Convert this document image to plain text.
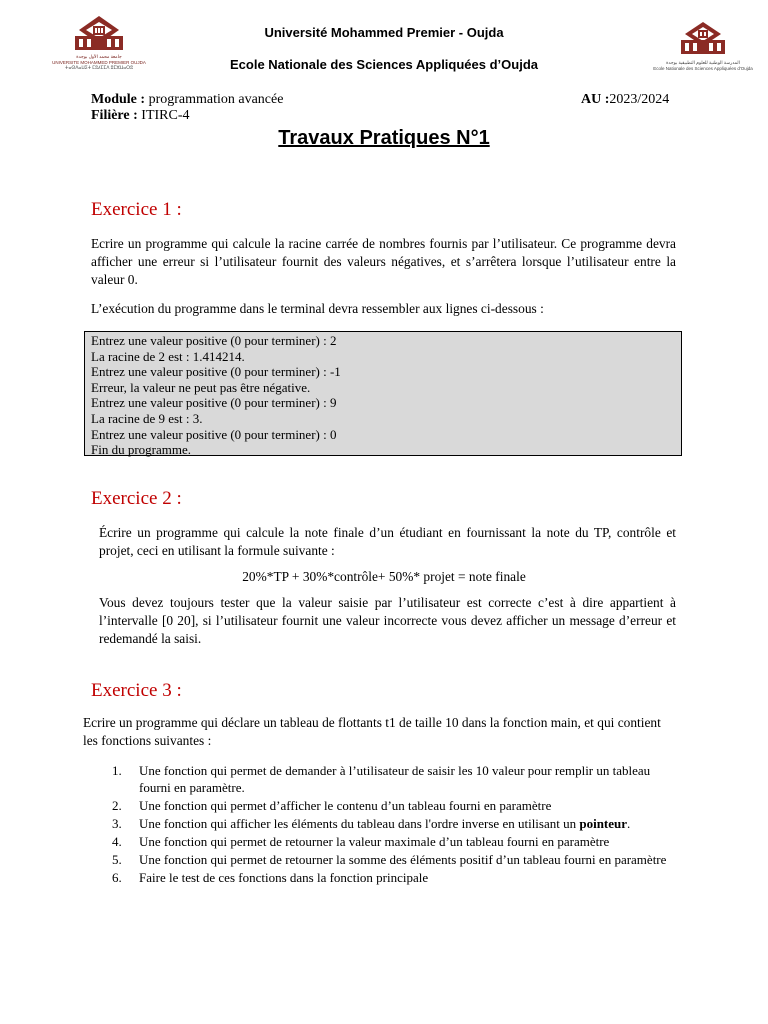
جامعة محمد الأول بوجدة
UNIVERSITE MOHAMMED PREMIER OUJDA
ⵜⴰⵙⴷⴰⵡⵉⵜ ⵎⵓⵃⵎⵎⴷ ⵓⵎⵣⵡⴰⵔⵓ
المدرسة الوطنية للعلوم التطبيقية بوجدة
Ecole Nationale des Sciences Appliquées d'Oujda
Université Mohammed Premier - Oujda
Ecole Nationale des Sciences Appliquées d’Oujda
Module : programmation avancée
Filière : ITIRC-4
AU :2023/2024
Travaux Pratiques N°1
Exercice 1 :
Ecrire un programme qui calcule la racine carrée de nombres fournis par l’utilisateur. Ce programme devra afficher une erreur si l’utilisateur fournit des valeurs négatives, et s’arrêtera lorsque l’utilisateur entre la valeur 0.
L’exécution du programme dans le terminal devra ressembler aux lignes ci-dessous :
Entrez une valeur positive (0 pour terminer) : 2
La racine de 2 est : 1.414214.
Entrez une valeur positive (0 pour terminer) : -1
Erreur, la valeur ne peut pas être négative.
Entrez une valeur positive (0 pour terminer) : 9
La racine de 9 est : 3.
Entrez une valeur positive (0 pour terminer) : 0
Fin du programme.
Exercice 2 :
Écrire un programme qui calcule la note finale d’un étudiant en fournissant la note du TP, contrôle et projet, ceci en utilisant la formule suivante :
20%*TP + 30%*contrôle+ 50%* projet = note finale
Vous devez toujours tester que la valeur saisie par l’utilisateur est correcte c’est à dire appartient à l’intervalle [0 20], si l’utilisateur fournit une valeur incorrecte vous devez afficher un message d’erreur et redemandé la saisi.
Exercice 3 :
Ecrire un programme qui déclare un tableau de flottants t1 de taille 10 dans la fonction main, et qui contient les fonctions suivantes :
1. Une fonction qui permet de demander à l’utilisateur de saisir les 10 valeur pour remplir un tableau fourni en paramètre.
2. Une fonction qui permet d’afficher le contenu d’un tableau fourni en paramètre
3. Une fonction qui afficher les éléments du tableau dans l'ordre inverse en utilisant un pointeur.
4. Une fonction qui permet de retourner la valeur maximale d’un tableau fourni en paramètre
5. Une fonction qui permet de retourner la somme des éléments positif d’un tableau fourni en paramètre
6. Faire le test de ces fonctions dans la fonction principale
